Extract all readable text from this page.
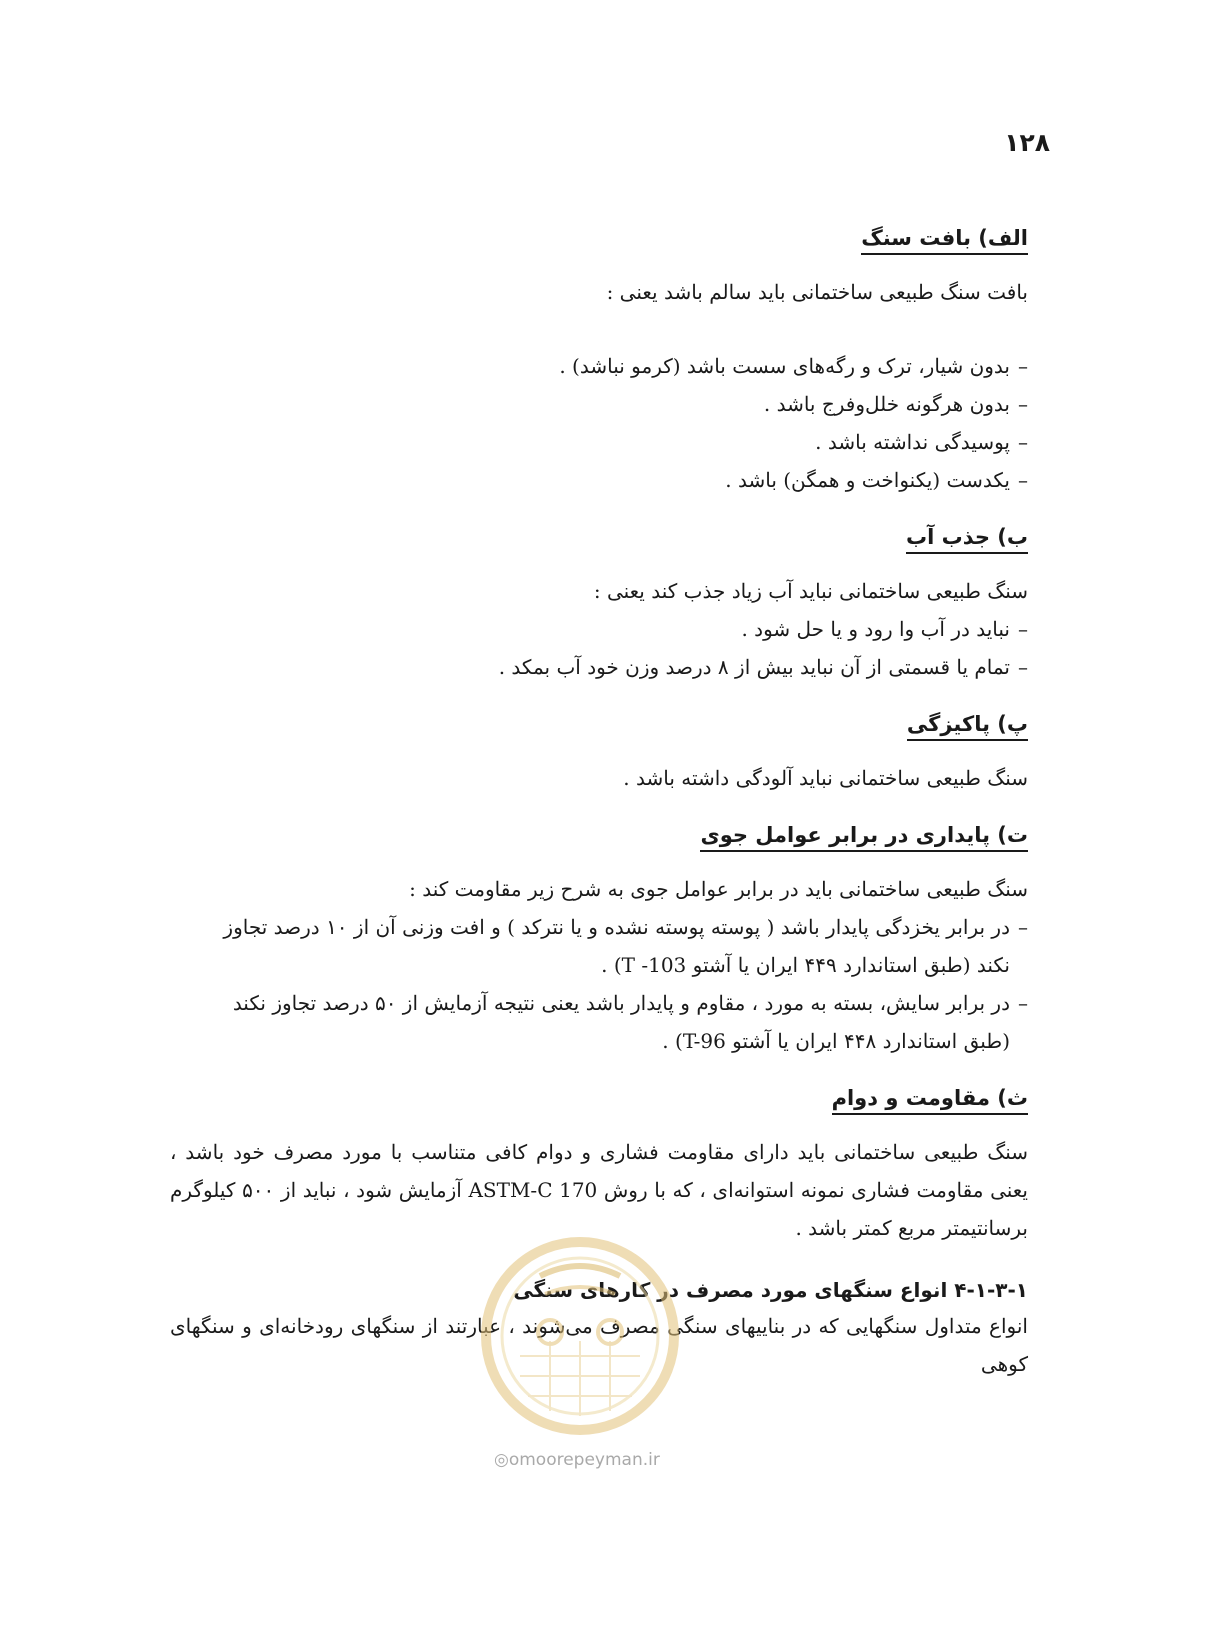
۱۲۸
الف) بافت سنگ

بافت سنگ طبیعی ساختمانی باید سالم باشد یعنی :

–بدون شیار، ترک و رگه‌های سست باشد (کرمو نباشد) .
–بدون هرگونه خلل‌وفرج باشد .
–پوسیدگی نداشته باشد .
–یکدست (یکنواخت و همگن) باشد .
ب) جذب آب

سنگ طبیعی ساختمانی نباید آب زیاد جذب کند یعنی :

–نباید در آب وا رود و یا حل شود .
–تمام یا قسمتی از آن نباید بیش از ۸ درصد وزن خود آب بمکد .
پ) پاکیزگی

سنگ طبیعی ساختمانی نباید آلودگی داشته باشد .

ت) پایداری در برابر عوامل جوی

سنگ طبیعی ساختمانی باید در برابر عوامل جوی به شرح زیر مقاومت کند :

–در برابر یخزدگی پایدار باشد ( پوسته پوسته نشده و یا نترکد ) و افت وزنی آن از ۱۰ درصد تجاوز
نکند (طبق استاندارد ۴۴۹ ایران یا آشتو T -103) .
–در برابر سایش، بسته به مورد ، مقاوم و پایدار باشد یعنی نتیجه آزمایش از ۵۰ درصد تجاوز نکند
(طبق استاندارد ۴۴۸ ایران یا آشتو T-96) .
ث) مقاومت و دوام

سنگ طبیعی ساختمانی باید دارای مقاومت فشاری و دوام کافی متناسب با مورد مصرف خود باشد ، یعنی مقاومت فشاری نمونه استوانه‌ای ، که با روش ASTM-C 170 آزمایش شود ، نباید از ۵۰۰ کیلوگرم برسانتیمتر مربع کمتر باشد .

۴-۱-۳-۱ انواع سنگهای مورد مصرف در کارهای سنگی

انواع متداول سنگهایی که در بناییهای سنگی مصرف می‌شوند ، عبارتند از سنگهای رودخانه‌ای و سنگهای کوهی

◎omoorepeyman.ir
